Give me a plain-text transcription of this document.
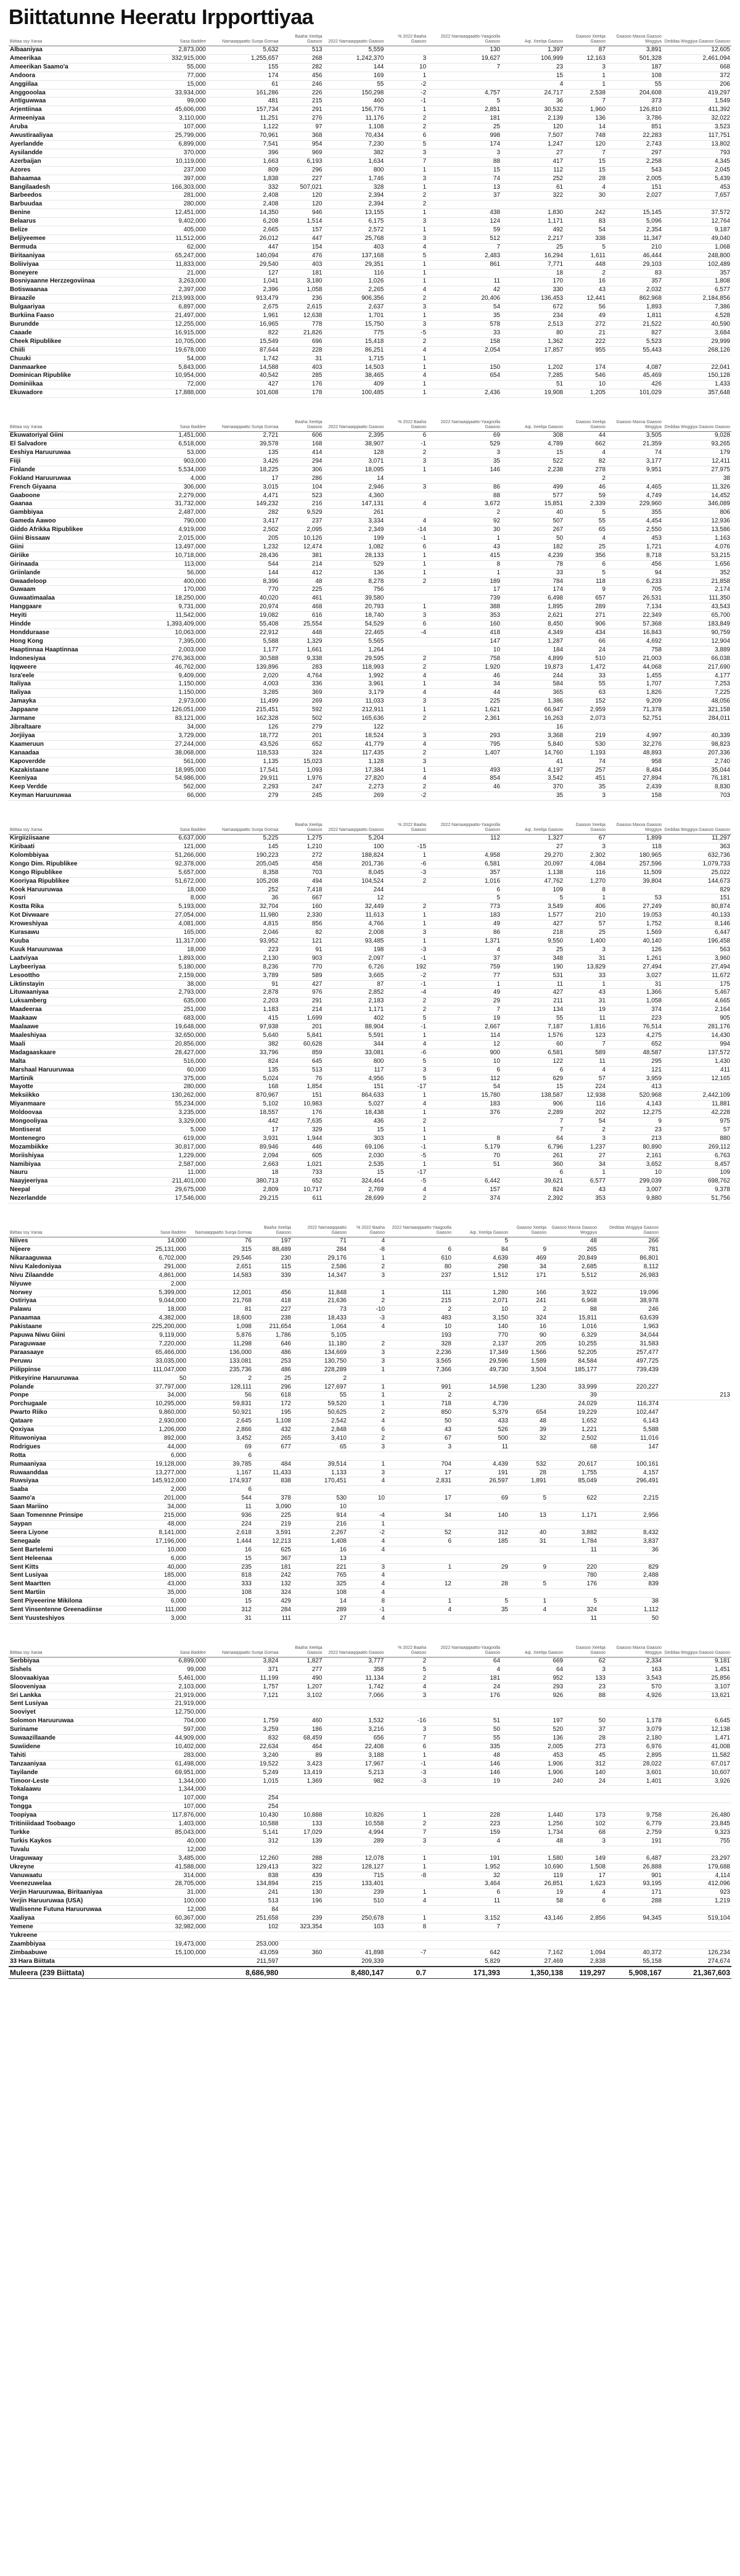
Biittatunne Heeratu Irpporttiyaa
Biittaa ssy Xaraa	Sasa Baddee	Namaaqqaatto Surqa Gomaa	Baaha Xeelqa Gaasoo	2022 Namaaqqaatto Gaasoo	% 2022 Baaha Gaasoo	2022 Namaaqqaatto-Yaagoolla Gaasoo	Aqi. Xeelqa Gaasoo	Gaasoo Xeelqa Gaasoo	Gaasoo Maxxa Gaasoo Woggiya	Deddaa Woggiya Gaasoo Gaasoo
Albaaniyaa	2,873,000	5,632	513	5,559		130	1,397	87	3,891	12,605
Ameerikaa	332,915,000	1,255,657	268	1,242,370	3	19,627	106,999	12,163	501,328	2,461,094
Ameerikan Saamo'a	55,000	155	282	144	10	7	23	3	187	668
Andoora	77,000	174	456	169	1		15	1	108	372
Anggiilaa	15,000	61	246	55	-2		4	1	55	206
Anggooolaa	33,934,000	161,286	226	150,298	-2	4,757	24,717	2,538	204,608	419,297
Antiguwwaa	99,000	481	215	460	-1	5	36	7	373	1,549
Arjentiinaa	45,606,000	157,734	291	156,776	1	2,851	30,532	1,960	126,810	411,392
Armeeniyaa	3,110,000	11,251	276	11,176	2	181	2,139	136	3,786	32,022
Aruba	107,000	1,122	97	1,108	2	25	120	14	851	3,523
Awustiraaliyaa	25,799,000	70,961	368	70,434	6	998	7,507	748	22,283	117,751
Ayerlandde	6,899,000	7,541	954	7,230	5	174	1,247	120	2,743	13,802
Aysilandde	370,000	396	969	382	3	3	27	7	297	793
Azerbaijan	10,119,000	1,663	6,193	1,634	7	88	417	15	2,258	4,345
Azores	237,000	809	296	800	1	15	112	15	543	2,045
Bahaamaa	397,000	1,838	227	1,746	3	74	252	28	2,005	5,439
Bangilaadesh	166,303,000	332	507,021	328	1	13	61	4	151	453
Barbeedos	281,000	2,408	120	2,394	2	37	322	30	2,027	7,657
Barbuudaa	280,000	2,408	120	2,394	2					
Benine	12,451,000	14,350	946	13,155	1	438	1,830	242	15,145	37,572
Belaarus	9,402,000	6,208	1,514	6,175	3	124	1,171	83	5,096	12,764
Belize	405,000	2,665	157	2,572	1	59	492	54	2,354	9,187
Beljiyeemee	11,512,000	26,012	447	25,768	3	512	2,217	338	11,347	49,040
Bermuda	62,000	447	154	403	4	7	25	5	210	1,068
Biritaaniyaa	65,247,000	140,094	476	137,168	5	2,483	16,294	1,611	46,444	248,800
Boliiviyaa	11,833,000	29,540	403	29,351	1	861	7,771	448	29,103	102,489
Boneyere	21,000	127	181	116	1		18	2	83	357
Bosniyaanne Herzzegoviinaa	3,263,000	1,041	3,180	1,026	1	11	170	16	357	1,808
Botiswaanaa	2,397,000	2,396	1,058	2,265	4	42	330	43	2,032	6,577
Biraazile	213,993,000	913,479	236	906,356	2	20,406	136,453	12,441	862,968	2,184,856
Bulgaariyaa	6,897,000	2,675	2,615	2,637	3	54	672	56	1,893	7,386
Burkiina Faaso	21,497,000	1,961	12,638	1,701	1	35	234	49	1,811	4,528
Burundde	12,255,000	16,965	778	15,750	3	578	2,513	272	21,522	40,590
Caaade	16,915,000	822	21,826	775	-5	33	80	21	827	3,684
Cheek Ripublikee	10,705,000	15,549	696	15,418	2	158	1,362	222	5,523	29,999
Chiili	19,678,000	87,644	228	86,251	4	2,054	17,857	955	55,443	268,126
Chuuki	54,000	1,742	31	1,715	1					
Danmaarkee	5,843,000	14,588	403	14,503	1	150	1,202	174	4,087	22,041
Dominican Ripublike	10,954,000	40,542	285	38,465	4	654	7,285	546	45,469	150,128
Dominiikaa	72,000	427	176	409	1		51	10	426	1,433
Ekuwadore	17,888,000	101,608	178	100,485	1	2,436	19,908	1,205	101,029	357,648
Biittaa ssy Xaraa	Sasa Baddee	Namaaqqaatto Surqa Gomaa	Baaha Xeelqa Gaasoo	2022 Namaaqqaatto Gaasoo	% 2022 Baaha Gaasoo	2022 Namaaqqaatto-Yaagoolla Gaasoo	Aqi. Xeelqa Gaasoo	Gaasoo Xeelqa Gaasoo	Gaasoo Maxxa Gaasoo Woggiya	Deddaa Woggiya Gaasoo Gaasoo
Ekuwatoriyal Giini	1,451,000	2,721	606	2,395	6	69	308	44	3,505	9,028
El Salvadore	6,518,000	39,578	168	38,907	-1	529	4,789	662	21,359	93,265
Eeshiya Haruuruwaa	53,000	135	414	128	2	3	15	4	74	179
Fiiji	903,000	3,426	294	3,071	3	35	522	82	3,177	12,411
Finlande	5,534,000	18,225	306	18,095	1	146	2,238	278	9,951	27,975
Fokland Haruuruwaa	4,000	17	286	14				2		38
French Giyaana	306,000	3,015	104	2,946	3	86	499	46	4,465	11,326
Gaaboone	2,279,000	4,471	523	4,360		88	577	59	4,749	14,452
Gaanaa	31,732,000	149,232	216	147,131	4	3,672	15,851	2,339	229,960	346,089
Gambbiyaa	2,487,000	282	9,529	261		2	40	5	355	806
Gameda Aawoo	790,000	3,417	237	3,334	4	92	507	55	4,454	12,936
Giddo Afrikka Ripublikee	4,919,000	2,502	2,095	2,349	-14	30	267	65	2,550	13,586
Giini Bissaaw	2,015,000	205	10,126	199	-1	1	50	4	453	1,163
Giini	13,497,000	1,232	12,474	1,082	6	43	182	25	1,721	4,076
Giriike	10,718,000	28,436	381	28,133	1	415	4,239	356	8,718	53,215
Girinaada	113,000	544	214	529	1	8	78	6	456	1,656
Griinlande	56,000	144	412	136	1	1	33	5	94	352
Gwaadeloop	400,000	8,396	48	8,278	2	189	784	118	6,233	21,858
Guwaam	170,000	770	225	756		17	174	9	705	2,174
Guwaatimaalaa	18,250,000	40,020	461	39,580		739	6,498	657	26,531	111,350
Hanggaare	9,731,000	20,974	468	20,793	1	388	1,895	289	7,134	43,543
Heyiti	11,542,000	19,082	616	18,740	3	353	2,621	271	22,349	65,700
Hindde	1,393,409,000	55,408	25,554	54,529	6	160	8,450	906	57,368	183,849
Hondduraase	10,063,000	22,912	448	22,465	-4	418	4,349	434	16,843	90,759
Hong Kong	7,395,000	5,588	1,329	5,565		147	1,287	66	4,692	12,904
Haaptinnaa Haaptinnaa	2,003,000	1,177	1,661	1,264		10	184	24	758	3,889
Indonesiyaa	276,363,000	30,588	9,338	29,595	2	758	4,899	510	21,003	66,038
Iqqweere	46,762,000	139,896	283	118,993	2	1,920	19,873	1,472	44,068	217,690
Isra'eele	9,409,000	2,020	4,764	1,992	4	46	244	33	1,455	4,177
Italiyaa	1,150,000	4,003	336	3,961	1	34	584	55	1,707	7,253
Italiyaa	1,150,000	3,285	369	3,179	4	44	365	63	1,826	7,225
Jamayka	2,973,000	11,499	269	11,033	3	225	1,386	152	9,209	48,056
Jappaane	126,051,000	215,451	592	212,911	1	1,621	66,947	2,959	71,378	321,158
Jarmane	83,121,000	162,328	502	165,636	2	2,361	16,263	2,073	52,751	284,011
Jibraltaare	34,000	126	279	122			16			
Jorjiiyaa	3,729,000	18,772	201	18,524	3	293	3,368	219	4,997	40,339
Kaameruun	27,244,000	43,526	652	41,779	4	795	5,840	530	32,276	98,823
Kanaadaa	38,068,000	118,533	324	117,435	2	1,407	14,760	1,193	48,893	207,336
Kapoverdde	561,000	1,135	15,023	1,128	3		41	74	958	2,740
Kazakistaane	18,995,000	17,541	1,093	17,384	1	493	4,197	257	8,484	35,044
Keeniyaa	54,986,000	29,911	1,976	27,820	4	854	3,542	451	27,894	76,181
Keep Verdde	562,000	2,293	247	2,273	2	46	370	35	2,439	8,830
Keyman Haruuruwaa	66,000	279	245	269	-2		35	3	158	703
Biittaa ssy Xaraa	Sasa Baddee	Namaaqqaatto Surqa Gomaa	Baaha Xeelqa Gaasoo	2022 Namaaqqaatto Gaasoo	% 2022 Baaha Gaasoo	2022 Namaaqqaatto-Yaagoolla Gaasoo	Aqi. Xeelqa Gaasoo	Gaasoo Xeelqa Gaasoo	Gaasoo Maxxa Gaasoo Woggiya	Deddaa Woggiya Gaasoo Gaasoo
Kirgiiziisaane	6,637,000	5,225	1,275	5,204		112	1,327	67	1,899	11,297
Kiribaati	121,000	145	1,210	100	-15		27	3	118	363
Kolombbiyaa	51,266,000	190,223	272	188,824	1	4,958	29,270	2,302	180,965	632,736
Kongo Dim. Ripublikee	92,378,000	205,045	458	201,736	-6	6,581	20,097	4,084	257,596	1,079,733
Kongo Ripublikee	5,657,000	8,358	703	8,045	-3	357	1,138	116	11,509	25,022
Kooriyaa Ripublikee	51,672,000	105,208	494	104,524	2	1,016	47,762	1,270	39,804	144,673
Kook Haruuruwaa	18,000	252	7,418	244		6	109	8		829
Kosri	8,000	36	667	12		5	5	1	53	151
Kostta Rika	5,193,000	32,704	160	32,449	2	773	3,549	406	27,249	80,874
Kot Divwaare	27,054,000	11,980	2,330	11,613	1	183	1,577	210	19,053	40,133
Kroweshiyaa	4,081,000	4,815	856	4,766	1	49	427	57	1,752	8,146
Kurasawu	165,000	2,046	82	2,008	3	86	218	25	1,569	6,447
Kuuba	11,317,000	93,952	121	93,485	1	1,371	9,550	1,400	40,140	196,458
Kuuk Haruuruwaa	18,000	223	91	198	-3	4	25	3	126	563
Laatviyaa	1,893,000	2,130	903	2,097	-1	37	348	31	1,261	3,960
Laybeeriyaa	5,180,000	8,236	770	6,726	192	759	190	13,829	27,494	27,494
Lesoottho	2,159,000	3,789	589	3,665	-2	77	531	33	3,027	11,672
Liktinstayin	38,000	91	427	87	-1	1	11	1	31	175
Lituwaaniyaa	2,793,000	2,878	976	2,852	-4	49	427	43	1,366	5,467
Luksamberg	635,000	2,203	291	2,183	2	29	211	31	1,058	4,665
Maadeeraa	251,000	1,183	214	1,171	2	7	134	19	374	2,164
Maakaaw	683,000	415	1,699	402	5	19	55	11	223	905
Maalaawe	19,648,000	97,938	201	88,904	-1	2,667	7,187	1,816	76,514	281,176
Maaleshiyaa	32,650,000	5,640	5,841	5,591	1	114	1,576	123	4,275	14,430
Maali	20,856,000	382	60,628	344	4	12	60	7	652	994
Madagaaskaare	28,427,000	33,796	859	33,081	-6	900	6,581	589	48,587	137,572
Malta	516,000	824	645	800	5	10	122	11	295	1,430
Marshaal Haruuruwaa	60,000	135	513	117	3	6	6	4	121	411
Martinik	375,000	5,024	76	4,956	5	112	629	57	3,959	12,165
Mayotte	280,000	168	1,854	151	-17	54	15	224	413	
Meksiikko	130,262,000	870,967	151	864,633	1	15,780	138,587	12,938	520,968	2,442,109
Miyanmaare	55,234,000	5,102	10,983	5,027	4	183	906	116	4,143	11,881
Moldoovaa	3,235,000	18,557	176	18,438	1	376	2,289	202	12,275	42,228
Mongooliyaa	3,329,000	442	7,635	436	2		7	54	9	975
Montiserat	5,000	17	329	15	1		7	2	23	57
Montenegro	619,000	3,931	1,944	303	1	8	64	3	213	880
Mozambiikke	30,817,000	89,946	446	69,106	-1	5,179	6,796	1,237	80,890	269,112
Moriishiyaa	1,229,000	2,094	605	2,030	-5	70	261	27	2,161	6,763
Namibiyaa	2,587,000	2,663	1,021	2,535	1	51	360	34	3,652	8,457
Nauru	11,000	18	733	15	-17		6	1	10	109
Naayjeeriyaa	211,401,000	380,713	652	324,464	-5	6,442	39,621	6,577	299,039	698,762
Neepal	29,675,000	2,809	10,717	2,769	4	157	824	43	3,007	9,378
Nezerlandde	17,546,000	29,215	611	28,699	2	374	2,392	353	9,880	51,756
Biittaa ssy Xaraa	Sasa Baddee	Namaaqqaatto Surqa Gomaa	Baaha Xeelqa Gaasoo	2022 Namaaqqaatto Gaasoo	% 2022 Baaha Gaasoo	2022 Namaaqqaatto-Yaagoolla Gaasoo	Aqi. Xeelqa Gaasoo	Gaasoo Xeelqa Gaasoo	Gaasoo Maxxa Gaasoo Woggiya	Deddaa Woggiya Gaasoo Gaasoo	
Niives	14,000	76	197	71	4		5		48	266	
Nijeere	25,131,000	315	88,489	284	-8	6	84	9	265	781	
Nikaraaguwaa	6,702,000	29,546	230	29,176	1	610	4,639	469	20,849	86,801	
Nivu Kaledoniyaa	291,000	2,651	115	2,586	2	80	298	34	2,685	8,112	
Nivu Zilaandde	4,861,000	14,583	339	14,347	3	237	1,512	171	5,512	26,983	
Niyuwe	2,000										
Norwey	5,399,000	12,001	456	11,848	1	111	1,280	166	3,922	19,096	
Ostiriyaa	9,044,000	21,768	418	21,636	2	215	2,071	241	6,968	38,978	
Palawu	18,000	81	227	73	-10	2	10	2	88	246	
Panaamaa	4,382,000	18,600	238	18,433	-3	483	3,150	324	15,811	63,639	
Pakistaane	225,200,000	1,098	211,654	1,064	4	10	140	16	1,016	1,963	
Papuwa Niwu Giini	9,119,000	5,876	1,786	5,105		193	770	90	6,329	34,044	
Paraguwaae	7,220,000	11,298	646	11,180	2	328	2,137	205	10,255	31,583	
Paraasaaye	65,466,000	136,000	486	134,669	3	2,236	17,349	1,566	52,205	257,477	
Peruwu	33,035,000	133,081	253	130,750	3	3,565	29,596	1,589	84,584	497,725	
Piilippinse	111,047,000	235,736	486	228,289	1	7,366	49,730	3,504	185,177	739,439	
Pitkeyirine Haruuruwaa	50	2	25	2							
Polande	37,797,000	128,111	296	127,697	1	991	14,598	1,230	33,999	220,227	
Ponpe	34,000	56	618	55	1	2			39		213
Porchugaale	10,295,000	59,831	172	59,520	1	718	4,739		24,029	116,374	
Pwarto Riiko	9,860,000	50,921	195	50,625	2	850	5,379	654	19,229	102,447	
Qataare	2,930,000	2,645	1,108	2,542	4	50	433	48	1,652	6,143	
Qoxiyaa	1,206,000	2,866	432	2,848	6	43	526	39	1,221	5,588	
Rituwoniyaa	892,000	3,452	265	3,410	2	67	500	32	2,502	11,016	
Rodrigues	44,000	69	677	65	3	3	11		68	147	
Rotta	6,000	6									
Rumaaniyaa	19,128,000	39,785	484	39,514	1	704	4,439	532	20,617	100,161	
Ruwaanddaa	13,277,000	1,167	11,433	1,133	3	17	191	28	1,755	4,157	
Ruwsiyaa	145,912,000	174,937	838	170,451	4	2,831	26,597	1,891	85,049	296,491	
Saaba	2,000	6									
Saamo'a	201,000	544	378	530	10	17	69	5	622	2,215	
Saan Mariino	34,000	11	3,090	10							
Saan Tomennne Prinsipe	215,000	936	225	914	-4	34	140	13	1,171	2,956	
Saypan	48,000	224	219	216	1						
Seera Liyone	8,141,000	2,618	3,591	2,267	-2	52	312	40	3,882	8,432	
Senegaale	17,196,000	1,444	12,213	1,408	4	6	185	31	1,784	3,837	
Sent Bartelemi	10,000	16	625	16	4				11	36	
Sent Heleenaa	6,000	15	367	13							
Sent Kitts	40,000	235	181	221	3	1	29	9	220	829	
Sent Lusiyaa	185,000	818	242	765	4				780	2,488	
Sent Maartten	43,000	333	132	325	4	12	28	5	176	839	
Sent Martiin	35,000	108	324	108	4						
Sent Piyeeerine Mikilona	6,000	15	429	14	8	1	5	1	5	38	
Sent Vinsentenne Greenadiinse	111,000	312	284	289	-1	4	35	4	324	1,112	
Sent Yuusteshiyos	3,000	31	111	27	4				11	50	
Biittaa ssy Xaraa	Sasa Baddee	Namaaqqaatto Surqa Gomaa	Baaha Xeelqa Gaasoo	2022 Namaaqqaatto Gaasoo	% 2022 Baaha Gaasoo	2022 Namaaqqaatto-Yaagoolla Gaasoo	Aqi. Xeelqa Gaasoo	Gaasoo Xeelqa Gaasoo	Gaasoo Maxxa Gaasoo Woggiya	Deddaa Woggiya Gaasoo Gaasoo
Serbbiyaa	6,899,000	3,824	1,827	3,777	2	64	669	62	2,334	9,181
Sishels	99,000	371	277	358	5	4	64	3	163	1,451
Sloovaakiyaa	5,461,000	11,199	490	11,134	2	181	952	133	3,543	25,856
Slooveniyaa	2,103,000	1,757	1,207	1,742	4	24	293	23	570	3,107
Sri Lankka	21,919,000	7,121	3,102	7,066	3	176	926	88	4,926	13,621
Sent Lusiyaa	21,919,000									
Sooviyet	12,750,000									
Solomon Haruuruwaa	704,000	1,759	460	1,532	-16	51	197	50	1,178	6,645
Suriname	597,000	3,259	186	3,216	3	50	520	37	3,079	12,138
Suwaazillaande	44,909,000	832	68,459	656	7	55	136	28	2,180	1,471
Suwiidene	10,402,000	22,634	464	22,408	6	335	2,005	273	6,976	41,008
Tahiti	283,000	3,240	89	3,188	1	48	453	45	2,895	11,582
Tanzaaniyaa	61,498,000	19,522	3,423	17,967	-1	146	1,906	312	28,022	67,017
Tayilande	69,951,000	5,249	13,419	5,213	-3	146	1,906	140	3,601	10,607
Timoor-Leste	1,344,000	1,015	1,369	982	-3	19	240	24	1,401	3,926
Tokalaawu	1,344,000									
Tonga	107,000	254								
Tongga	107,000	254								
Toopiyaa	117,876,000	10,430	10,888	10,826	1	228	1,440	173	9,758	26,480
Tritiniiidaad Toobaago	1,403,000	10,588	133	10,558	2	223	1,256	102	6,779	23,845
Turkke	85,043,000	5,141	17,029	4,994	7	159	1,734	68	2,759	9,323
Turkis Kaykos	40,000	312	139	289	3	4	48	3	191	755
Tuvalu	12,000									
Uraguwaay	3,485,000	12,260	288	12,078	1	191	1,580	149	6,487	23,297
Ukreyne	41,588,000	129,413	322	128,127	1	1,952	10,690	1,508	26,888	179,688
Vanuwaatu	314,000	838	439	715	-8	32	119	17	901	4,114
Veenezuwelaa	28,705,000	134,894	215	133,401		3,464	26,851	1,623	93,195	412,096
Verjin Haruuruwaa, Biritaaniyaa	31,000	241	130	239	1	6	19	4	171	923
Verjin Haruuruwaa (USA)	100,000	513	196	510	4	11	58	6	288	1,219
Wallisenne Futuna Haruuruwaa	12,000	84								
Xaaliyaa	60,367,000	251,658	239	250,678	1	3,152	43,146	2,856	94,345	519,104
Yemene	32,982,000	102	323,354	103	8	7				
Yukreene										
Zaambbiyaa	19,473,000	253,000								
Zimbaabuwe	15,100,000	43,059	360	41,898	-7	642	7,162	1,094	40,372	126,234
33 Hara Biittata		211,597		209,339		5,829	27,469	2,838	55,158	274,674
Muleera (239 Biittata)		8,686,980		8,480,147	0.7	171,393	1,350,138	119,297	5,908,167	21,367,603
